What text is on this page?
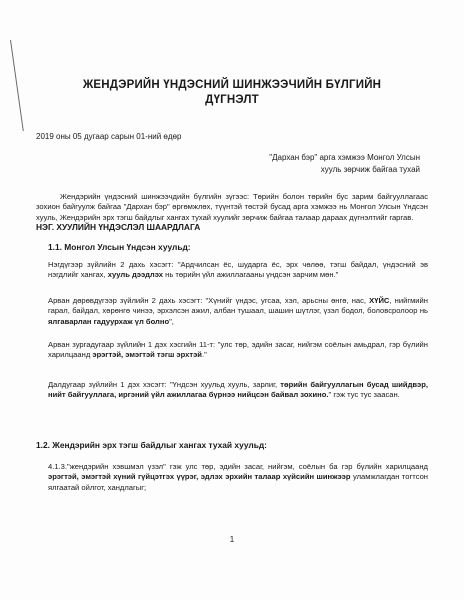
ЖЕНДЭРИЙН ҮНДЭСНИЙ ШИНЖЭЭЧИЙН БҮЛГИЙН
ДҮГНЭЛТ
2019 оны 05 дугаар сарын 01-ний өдөр
"Дархан бэр" арга хэмжээ Монгол Улсын
хууль зөрчиж байгаа тухай
Жендэрийн үндэсний шинжээчдийн бүлгийн зүгээс: Төрийн болон төрийн бус зарим байгууллагаас зохион байгуулж байгаа "Дархан бэр" өргөмжлөх, түүнтэй төстэй бусад арга хэмжээ нь Монгол Улсын Үндсэн хууль, Жендэрийн эрх тэгш байдлыг хангах тухай хуулийг зөрчиж байгаа талаар дараах дүгнэлтийг гаргав.
НЭГ. ХУУЛИЙН ҮНДЭСЛЭЛ ШААРДЛАГА
1.1. Монгол Улсын Үндсэн хуульд:
Нэгдүгээр зүйлийн 2 дахь хэсэгт: "Ардчилсан ёс, шударга ёс, эрх чөлөө, тэгш байдал, үндэсний эв нэгдлийг хангах, хууль дээдлэх нь төрийн үйл ажиллагааны үндсэн зарчим мөн."
Арван дөрөвдүгээр зүйлийн 2 дахь хэсэгт: "Хүнийг үндэс, угсаа, хэл, арьсны өнгө, нас, ХҮЙС, нийгмийн гарал, байдал, хөрөнгө чинээ, эрхэлсэн ажил, албан тушаал, шашин шүтлэг, үзэл бодол, боловсролоор нь ялгаварлан гадуурхаж үл болно",
Арван зургадугаар зүйлийн 1 дэх хэсгийн 11-т: "улс төр, эдийн засаг, нийгэм соёлын амьдрал, гэр бүлийн харилцаанд эрэгтэй, эмэгтэй тэгш эрхтэй."
Далдугаар зүйлийн 1 дэх хэсэгт: "Үндсэн хуульд хууль, зарлиг, төрийн байгууллагын бусад шийдвэр, нийт байгууллага, иргэний үйл ажиллагаа бүрнээ нийцсэн байвал зохино." гэж тус тус заасан.
1.2. Жендэрийн эрх тэгш байдлыг хангах тухай хуульд:
4.1.3."жендэрийн хэвшмэл үзэл" гэж улс төр, эдийн засаг, нийгэм, соёлын ба гэр бүлийн харилцаанд эрэгтэй, эмэгтэй хүний гүйцэтгэх үүрэг, эдлэх эрхийн талаар хүйсийн шинжээр уламжлагдан тогтсон ялгаатай ойлгот, хандлагыг;
1
